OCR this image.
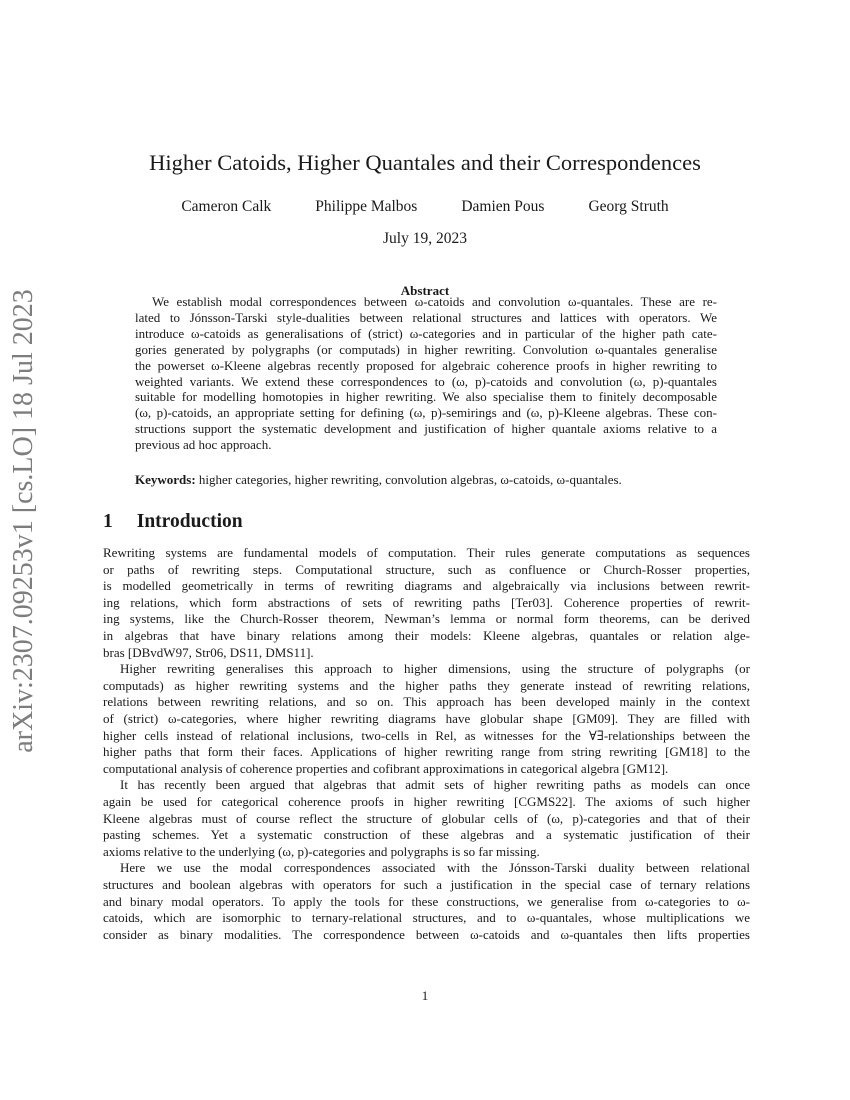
arXiv:2307.09253v1 [cs.LO] 18 Jul 2023
Higher Catoids, Higher Quantales and their Correspondences
Cameron Calk	Philippe Malbos	Damien Pous	Georg Struth
July 19, 2023
Abstract
We establish modal correspondences between ω-catoids and convolution ω-quantales. These are re-
lated to Jónsson-Tarski style-dualities between relational structures and lattices with operators. We
introduce ω-catoids as generalisations of (strict) ω-categories and in particular of the higher path cate-
gories generated by polygraphs (or computads) in higher rewriting. Convolution ω-quantales generalise
the powerset ω-Kleene algebras recently proposed for algebraic coherence proofs in higher rewriting to
weighted variants. We extend these correspondences to (ω, p)-catoids and convolution (ω, p)-quantales
suitable for modelling homotopies in higher rewriting. We also specialise them to finitely decomposable
(ω, p)-catoids, an appropriate setting for defining (ω, p)-semirings and (ω, p)-Kleene algebras. These con-
structions support the systematic development and justification of higher quantale axioms relative to a
previous ad hoc approach.
Keywords: higher categories, higher rewriting, convolution algebras, ω-catoids, ω-quantales.
1 Introduction
Rewriting systems are fundamental models of computation. Their rules generate computations as sequences
or paths of rewriting steps. Computational structure, such as confluence or Church-Rosser properties,
is modelled geometrically in terms of rewriting diagrams and algebraically via inclusions between rewrit-
ing relations, which form abstractions of sets of rewriting paths [Ter03]. Coherence properties of rewrit-
ing systems, like the Church-Rosser theorem, Newman’s lemma or normal form theorems, can be derived
in algebras that have binary relations among their models: Kleene algebras, quantales or relation alge-
bras [DBvdW97, Str06, DS11, DMS11].
Higher rewriting generalises this approach to higher dimensions, using the structure of polygraphs (or
computads) as higher rewriting systems and the higher paths they generate instead of rewriting relations,
relations between rewriting relations, and so on. This approach has been developed mainly in the context
of (strict) ω-categories, where higher rewriting diagrams have globular shape [GM09]. They are filled with
higher cells instead of relational inclusions, two-cells in Rel, as witnesses for the ∀∃-relationships between the
higher paths that form their faces. Applications of higher rewriting range from string rewriting [GM18] to the
computational analysis of coherence properties and cofibrant approximations in categorical algebra [GM12].
It has recently been argued that algebras that admit sets of higher rewriting paths as models can once
again be used for categorical coherence proofs in higher rewriting [CGMS22]. The axioms of such higher
Kleene algebras must of course reflect the structure of globular cells of (ω, p)-categories and that of their
pasting schemes. Yet a systematic construction of these algebras and a systematic justification of their
axioms relative to the underlying (ω, p)-categories and polygraphs is so far missing.
Here we use the modal correspondences associated with the Jónsson-Tarski duality between relational
structures and boolean algebras with operators for such a justification in the special case of ternary relations
and binary modal operators. To apply the tools for these constructions, we generalise from ω-categories to ω-
catoids, which are isomorphic to ternary-relational structures, and to ω-quantales, whose multiplications we
consider as binary modalities. The correspondence between ω-catoids and ω-quantales then lifts properties
1
